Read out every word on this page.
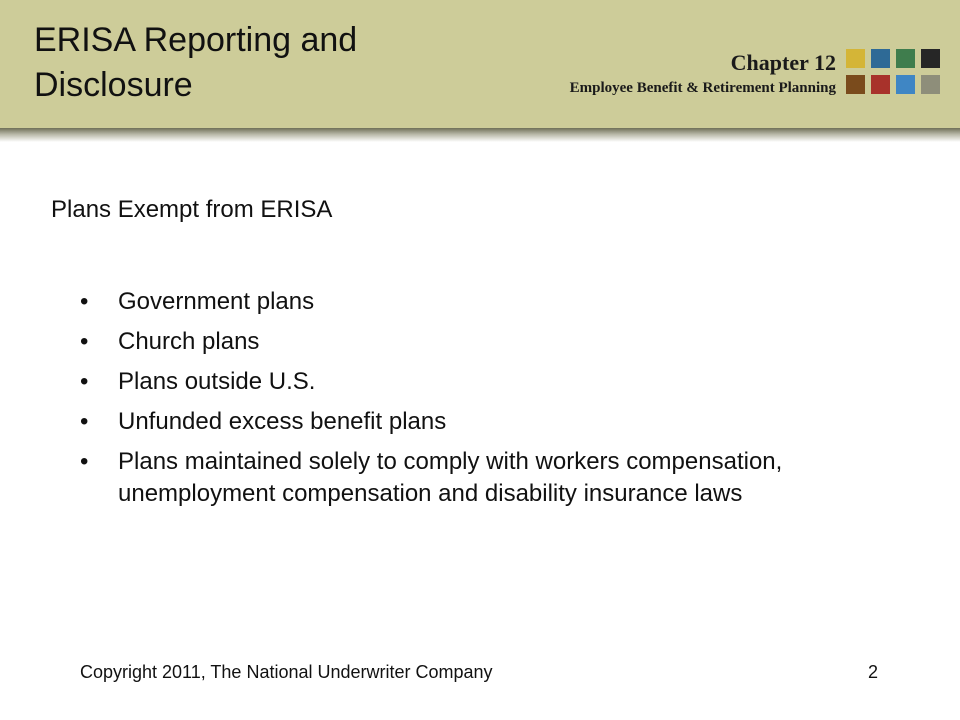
ERISA Reporting and Disclosure
Chapter 12
Employee Benefit & Retirement Planning
Plans Exempt from ERISA
• Government plans
• Church plans
• Plans outside U.S.
• Unfunded excess benefit plans
• Plans maintained solely to comply with workers compensation, unemployment compensation and disability insurance laws
Copyright 2011, The National Underwriter Company	2
